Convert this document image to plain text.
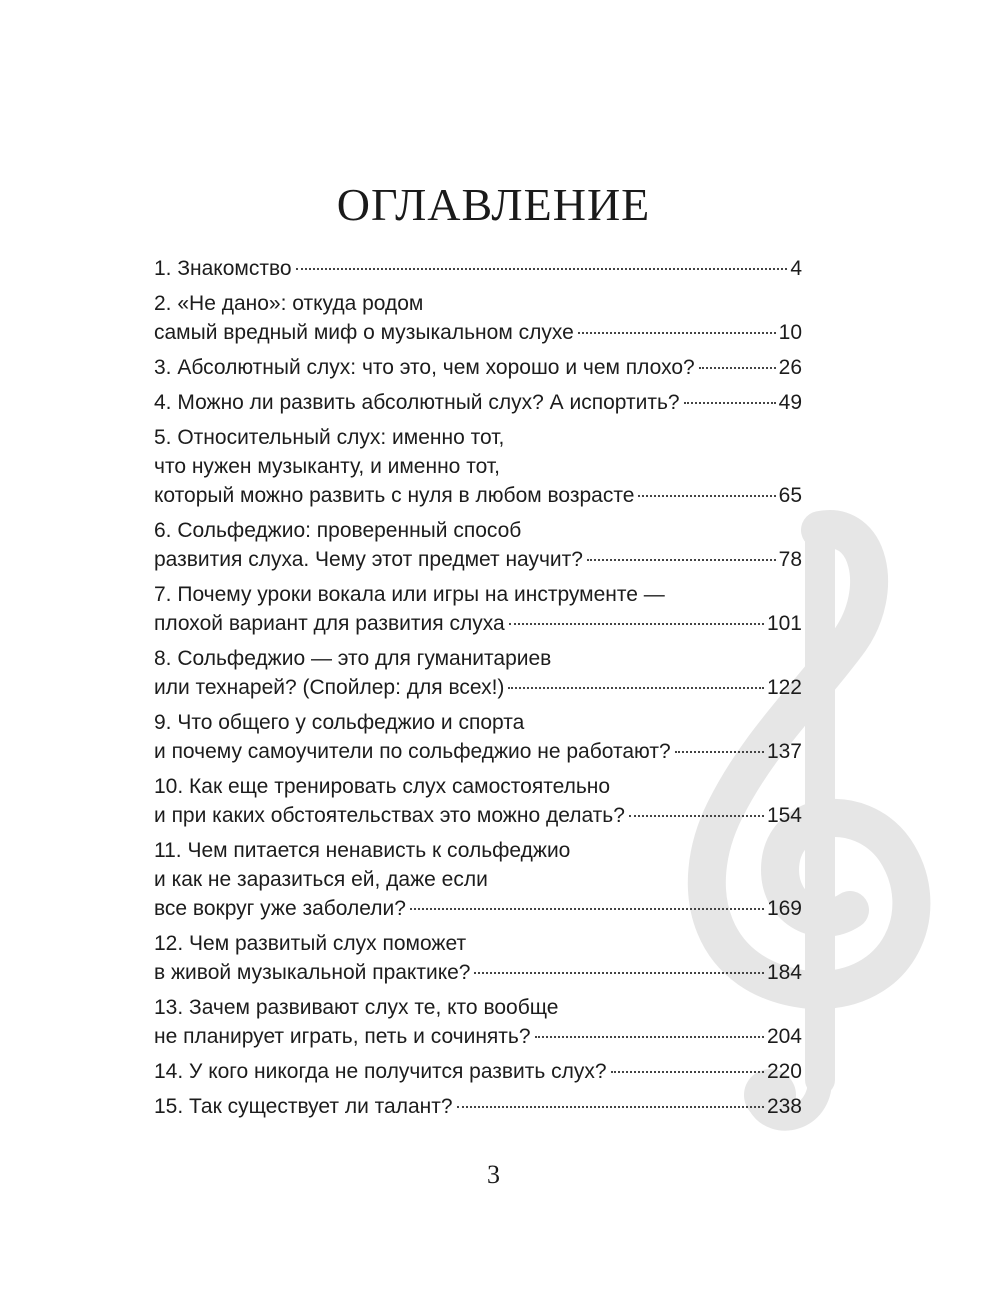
ОГЛАВЛЕНИЕ
1. Знакомство	4
2. «Не дано»: откуда родом
самый вредный миф о музыкальном слухе	10
3. Абсолютный слух: что это, чем хорошо и чем плохо?	26
4. Можно ли развить абсолютный слух? А испортить?	49
5. Относительный слух: именно тот,
что нужен музыканту, и именно тот,
который можно развить с нуля в любом возрасте	65
6. Сольфеджио: проверенный способ
развития слуха. Чему этот предмет научит?	78
7. Почему уроки вокала или игры на инструменте —
плохой вариант для развития слуха	101
8. Сольфеджио — это для гуманитариев
или технарей? (Спойлер: для всех!)	122
9. Что общего у сольфеджио и спорта
и почему самоучители по сольфеджио не работают?	137
10. Как еще тренировать слух самостоятельно
и при каких обстоятельствах это можно делать?	154
11. Чем питается ненависть к сольфеджио
и как не заразиться ей, даже если
все вокруг уже заболели?	169
12. Чем развитый слух поможет
в живой музыкальной практике?	184
13. Зачем развивают слух те, кто вообще
не планирует играть, петь и сочинять?	204
14. У кого никогда не получится развить слух?	220
15. Так существует ли талант?	238
3
